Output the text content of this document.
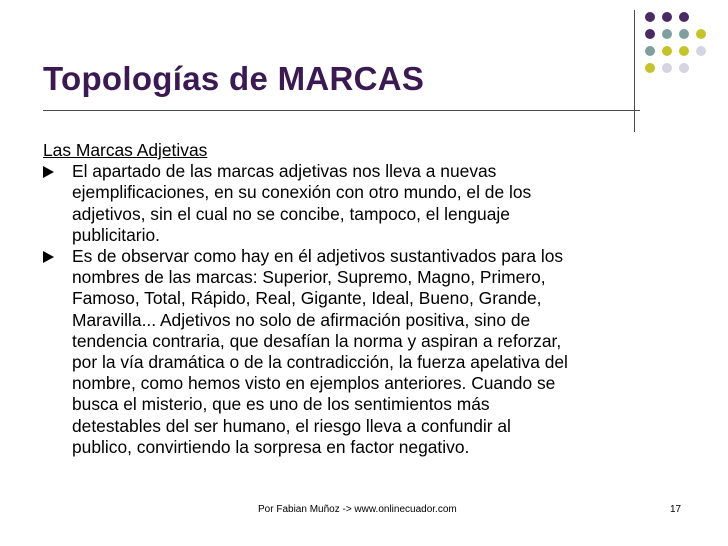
Topologías de MARCAS

Las Marcas Adjetivas

El apartado de las marcas adjetivas nos lleva a nuevas
ejemplificaciones, en su conexión con otro mundo, el de los
adjetivos, sin el cual no se concibe, tampoco, el lenguaje
publicitario.
Es de observar como hay en él adjetivos sustantivados para los
nombres de las marcas: Superior, Supremo, Magno, Primero,
Famoso, Total, Rápido, Real, Gigante, Ideal, Bueno, Grande,
Maravilla... Adjetivos no solo de afirmación positiva, sino de
tendencia contraria, que desafían la norma y aspiran a reforzar,
por la vía dramática o de la contradicción, la fuerza apelativa del
nombre, como hemos visto en ejemplos anteriores. Cuando se
busca el misterio, que es uno de los sentimientos más
detestables del ser humano, el riesgo lleva a confundir al
publico, convirtiendo la sorpresa en factor negativo.
Por Fabian Muñoz -> www.onlinecuador.com	17
